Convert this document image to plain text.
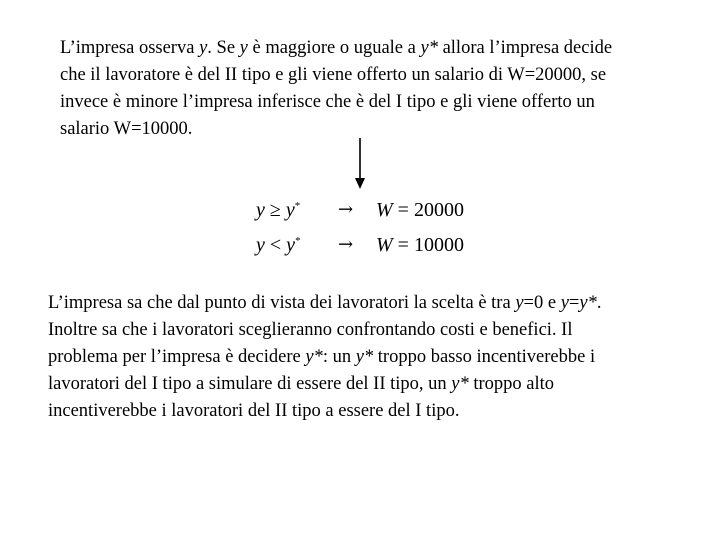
L’impresa osserva y. Se y è maggiore o uguale a y* allora l’impresa decide
che il lavoratore è del II tipo e gli viene offerto un salario di W=20000, se
invece è minore l’impresa inferisce che è del I tipo e gli viene offerto un
salario W=10000.
y ≥ y* → W = 20000
y < y* → W = 10000
L’impresa sa che dal punto di vista dei lavoratori la scelta è tra y=0 e y=y*.
Inoltre sa che i lavoratori sceglieranno confrontando costi e benefici. Il
problema per l’impresa è decidere y*: un y* troppo basso incentiverebbe i
lavoratori del I tipo a simulare di essere del II tipo, un y* troppo alto
incentiverebbe i lavoratori del II tipo a essere del I tipo.
